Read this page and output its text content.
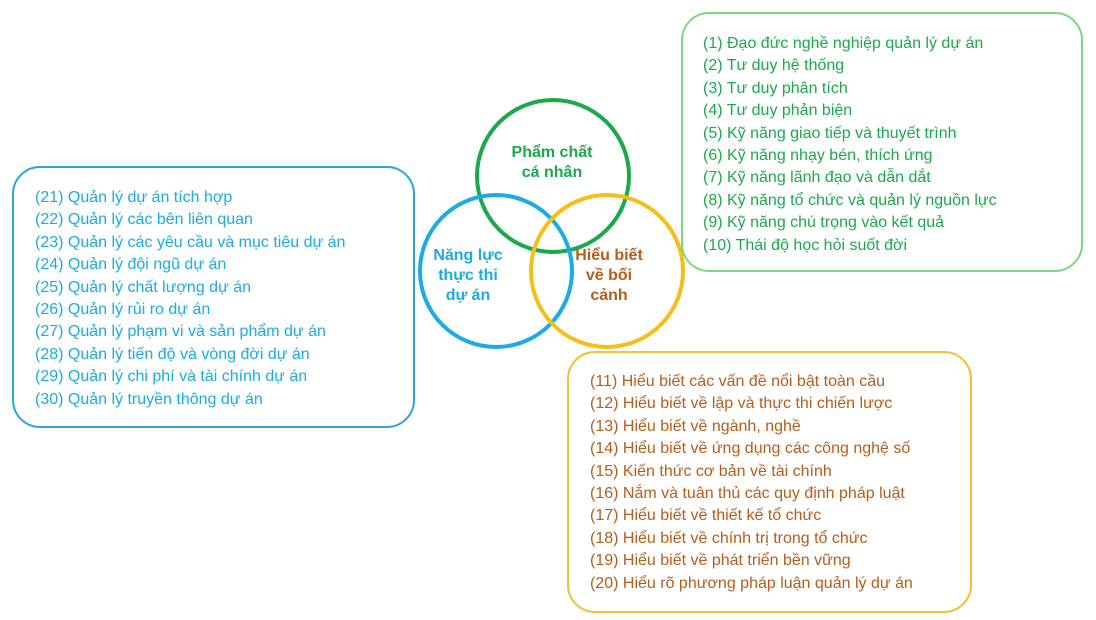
Phẩm chất
cá nhân
Năng lực
thực thi
dự án
Hiểu biết
về bối
cảnh
(1) Đạo đức nghề nghiệp quản lý dự án
(2) Tư duy hệ thống
(3) Tư duy phân tích
(4) Tư duy phản biện
(5) Kỹ năng giao tiếp và thuyết trình
(6) Kỹ năng nhạy bén, thích ứng
(7) Kỹ năng lãnh đạo và dẫn dắt
(8) Kỹ năng tổ chức và quản lý nguồn lực
(9) Kỹ năng chú trọng vào kết quả
(10) Thái độ học hỏi suốt đời
(21) Quản lý dự án tích hợp
(22) Quản lý các bên liên quan
(23) Quản lý các yêu cầu và mục tiêu dự án
(24) Quản lý đội ngũ dự án
(25) Quản lý chất lượng dự án
(26) Quản lý rủi ro dự án
(27) Quản lý phạm vi và sản phẩm dự án
(28) Quản lý tiến độ và vòng đời dự án
(29) Quản lý chi phí và tài chính dự án
(30) Quản lý truyền thông dự án
(11) Hiểu biết các vấn đề nổi bật toàn cầu
(12) Hiểu biết về lập và thực thi chiến lược
(13) Hiểu biết về ngành, nghề
(14) Hiểu biết về ứng dụng các công nghệ số
(15) Kiến thức cơ bản về tài chính
(16) Nắm và tuân thủ các quy định pháp luật
(17) Hiểu biết về thiết kế tổ chức
(18) Hiểu biết về chính trị trong tổ chức
(19) Hiểu biết về phát triển bền vững
(20) Hiểu rõ phương pháp luận quản lý dự án
